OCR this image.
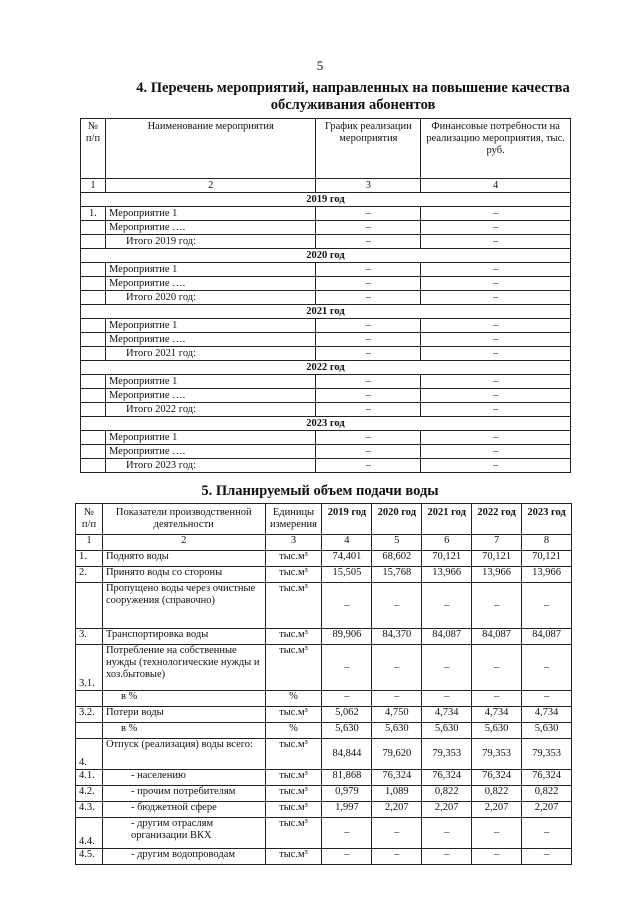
5
4. Перечень мероприятий, направленных на повышение качества
обслуживания абонентов
№ п/п	Наименование мероприятия	График реализации мероприятия	Финансовые потребности на реализацию мероприятия, тыс. руб.
1	2	3	4
2019 год			
1.	Мероприятие 1	–	–
	Мероприятие ….	–	–
	Итого 2019 год:	–	–
2020 год			
	Мероприятие 1	–	–
	Мероприятие ….	–	–
	Итого 2020 год:	–	–
2021 год			
	Мероприятие 1	–	–
	Мероприятие ….	–	–
	Итого 2021 год:	–	–
2022 год			
	Мероприятие 1	–	–
	Мероприятие ….	–	–
	Итого 2022 год:	–	–
2023 год			
	Мероприятие 1	–	–
	Мероприятие ….	–	–
	Итого 2023 год:	–	–
5. Планируемый объем подачи воды
№ п/п	Показатели производственной деятельности	Единицы измерения	2019 год	2020 год	2021 год	2022 год	2023 год
1	2	3	4	5	6	7	8
1.	Поднято воды	тыс.м³	74,401	68,602	70,121	70,121	70,121
2.	Принято воды со стороны	тыс.м³	15,505	15,768	13,966	13,966	13,966
	Пропущено воды через очистные сооружения (справочно)	тыс.м³	–	–	–	–	–
3.	Транспортировка воды	тыс.м³	89,906	84,370	84,087	84,087	84,087
3.1.	Потребление на собственные нужды (технологические нужды и хоз.бытовые)	тыс.м³	–	–	–	–	–
	в %	%	–	–	–	–	–
3.2.	Потери воды	тыс.м³	5,062	4,750	4,734	4,734	4,734
	в %	%	5,630	5,630	5,630	5,630	5,630
4.	Отпуск (реализация) воды всего:	тыс.м³	84,844	79,620	79,353	79,353	79,353
4.1.	- населению	тыс.м³	81,868	76,324	76,324	76,324	76,324
4.2.	- прочим потребителям	тыс.м³	0,979	1,089	0,822	0,822	0,822
4.3.	- бюджетной сфере	тыс.м³	1,997	2,207	2,207	2,207	2,207
4.4.	- другим отраслям организации ВКХ	тыс.м³	–	–	–	–	–
4.5.	- другим водопроводам	тыс.м³	–	–	–	–	–
